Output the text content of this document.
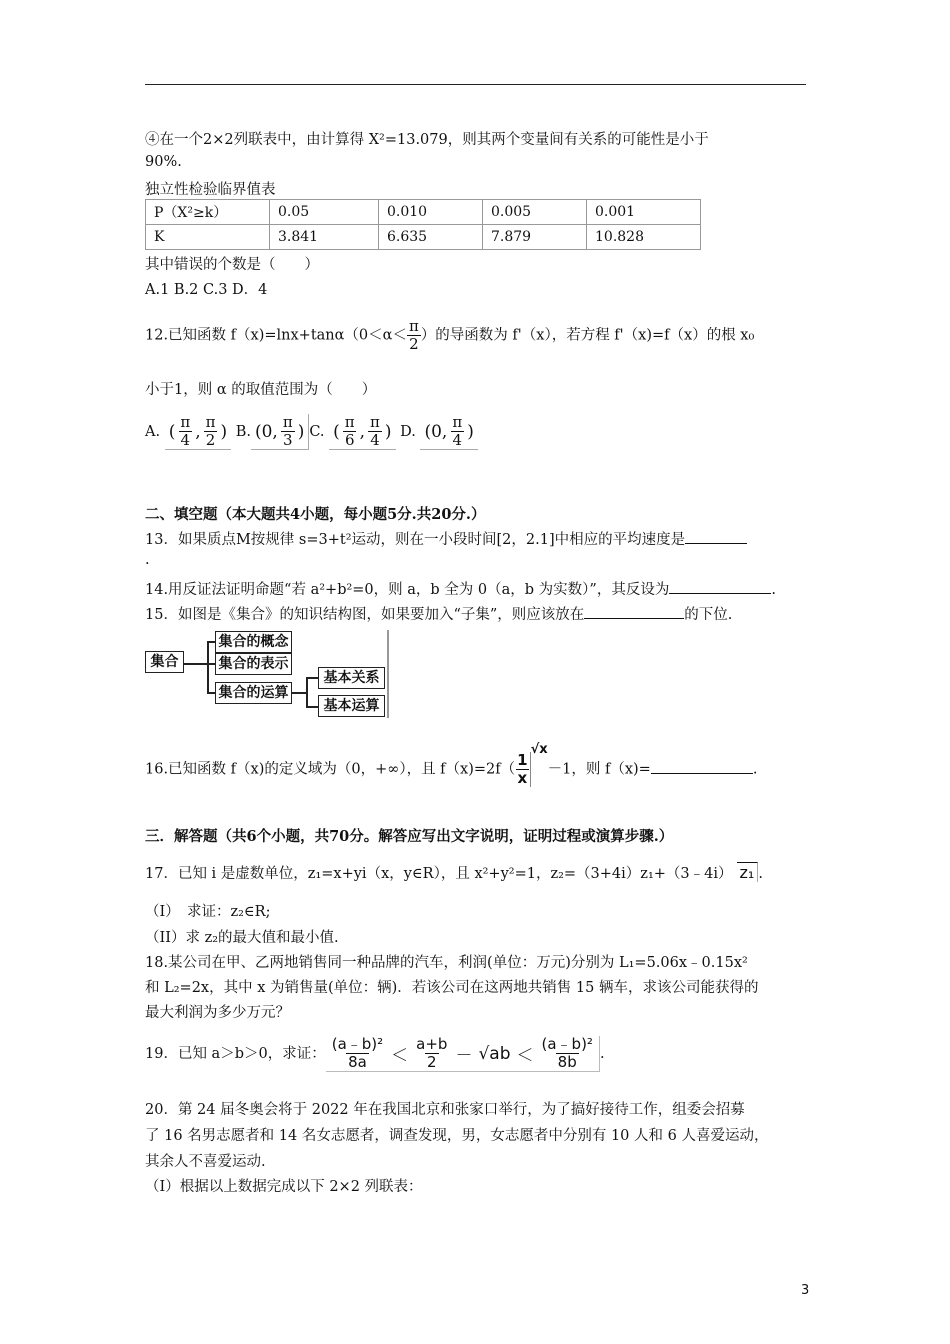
④在一个2×2列联表中，由计算得 X²=13.079，则其两个变量间有关系的可能性是小于
90%.
独立性检验临界值表
P（X²≥k）	0.05	0.010	0.005	0.001
K	3.841	6.635	7.879	10.828
其中错误的个数是（　　）
A.1 B.2 C.3 D．4
12.已知函数 $f(x)=\ln x+\tan\alpha(0<\alpha< \frac{\pi}{2}$ ）的导函数为 f'（x），若方程 f'（x)=f（x）的根 x₀
小于1，则 α 的取值范围为（　　）
A. ( $\frac{\pi}{4}$ , $\frac{\pi}{2}$ ) B. (0, $\frac{\pi}{3}$ ) C. ( $\frac{\pi}{6}$ , $\frac{\pi}{4}$ ) D. (0, $\frac{\pi}{4}$ )
二、填空题（本大题共4小题，每小题5分.共20分.）
13．如果质点M按规律 s=3+t²运动，则在一小段时间[2，2.1]中相应的平均速度是
.
14.用反证法证明命题“若 a²+b²=0，则 a，b 全为 0（a，b 为实数）”，其反设为	.
15．如图是《集合》的知识结构图，如果要加入“子集”，则应该放在	的下位.
集合
集合的概念
集合的表示
集合的运算
基本关系
基本运算
16.已知函数 f（x)的定义域为（0，+∞），且 $f(x)=2f( \frac{1}{x}$
√x
－1，则 f（x)=	.
三．解答题（共6个小题，共70分。解答应写出文字说明，证明过程或演算步骤.）
17．已知 i 是虚数单位，z₁=x+yi（x，y∈R），且 x²+y²=1，z₂=（3+4i）z₁+（3﹣4i） z₁ .
（Ⅰ）　求证：z₂∈R;
（II）求 z₂的最大值和最小值.
18.某公司在甲、乙两地销售同一种品牌的汽车，利润(单位：万元)分别为 L₁=5.06x﹣0.15x²
和 L₂=2x，其中 x 为销售量(单位：辆)．若该公司在这两地共销售 15 辆车，求该公司能获得的
最大利润为多少万元？
19．已知 a＞b＞0，求证： $\frac{\text{(a﹣b)²}}{8a} < \frac{a+b}{2} - √ab < \frac{\text{(a﹣b)²}}{8b}$ .
20．第 24 届冬奥会将于 2022 年在我国北京和张家口举行，为了搞好接待工作，组委会招募
了 16 名男志愿者和 14 名女志愿者，调查发现，男，女志愿者中分别有 10 人和 6 人喜爱运动，
其余人不喜爱运动.
（Ⅰ）根据以上数据完成以下 2×2 列联表：
3
